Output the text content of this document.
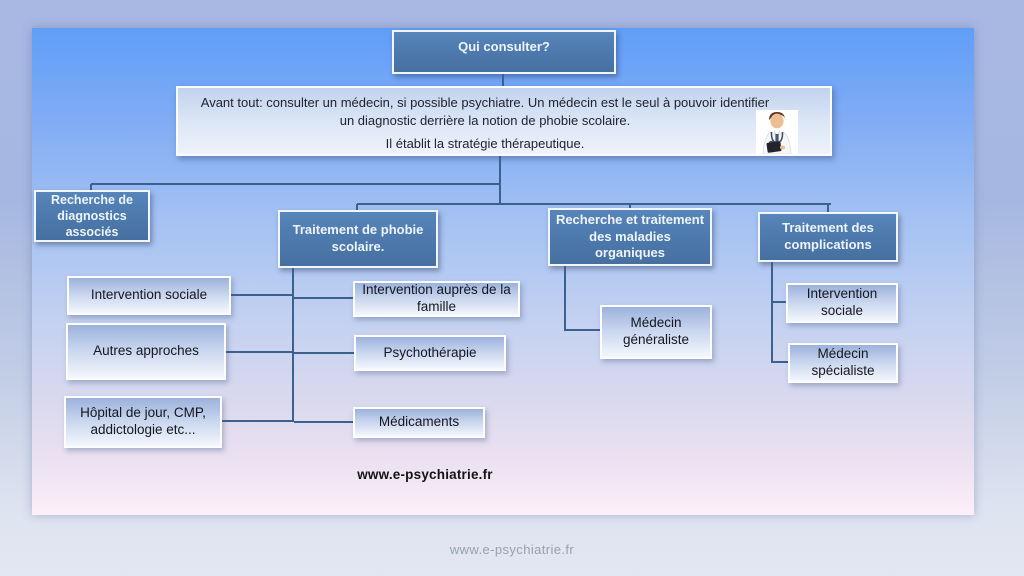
Qui consulter?

Avant tout: consulter un médecin, si possible psychiatre. Un médecin est le seul à pouvoir identifier un diagnostic derrière la notion de phobie scolaire.

Il établit la stratégie thérapeutique.

Recherche de diagnostics associés	Traitement de phobie scolaire.
Recherche et traitement des maladies organiques
Traitement des complications
Intervention sociale
Autres approches
Hôpital de jour, CMP, addictologie etc...
Intervention auprès de la famille
Psychothérapie
Médicaments
Médecin généraliste
Intervention sociale
Médecin spécialiste
www.e-psychiatrie.fr
www.e-psychiatrie.fr
